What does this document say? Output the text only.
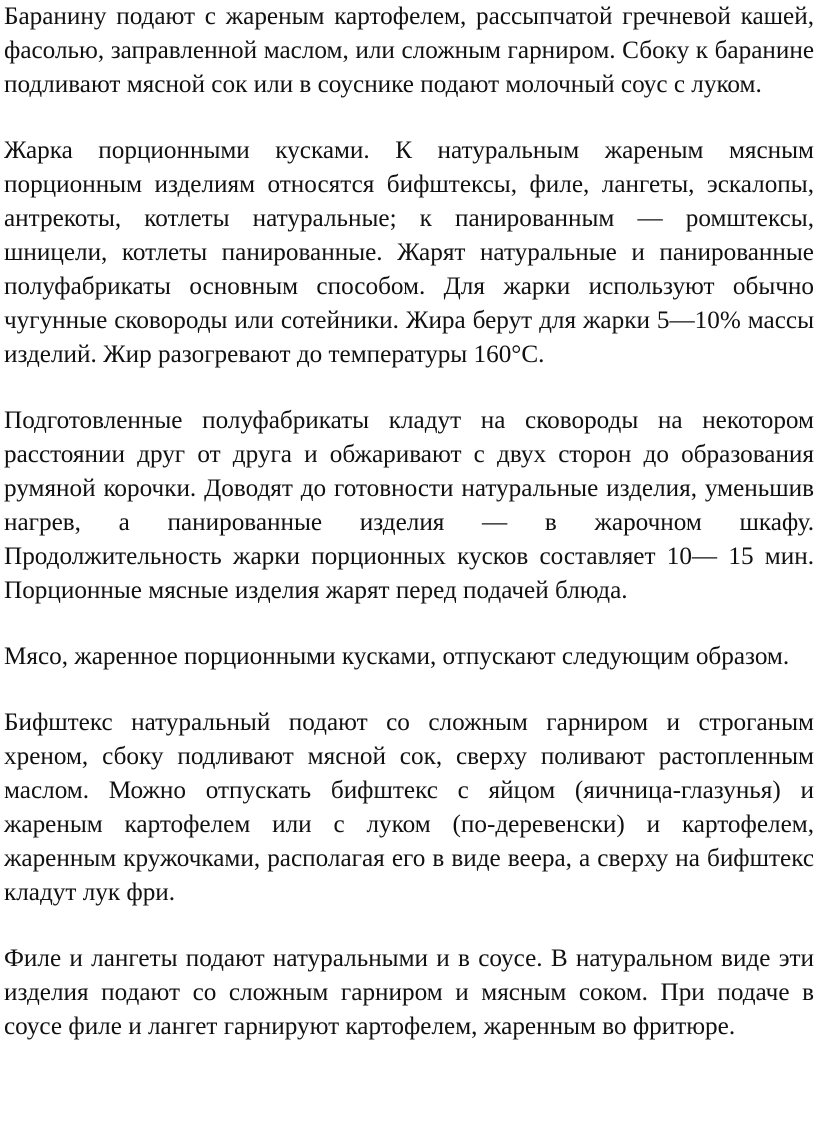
Баранину подают с жареным картофелем, рассыпчатой гречневой кашей, фасолью, заправленной маслом, или сложным гарниром. Сбоку к баранине подливают мясной сок или в соуснике подают молочный соус с луком.

Жарка порционными кусками. К натуральным жареным мясным порционным изделиям относятся бифштексы, филе, лангеты, эскалопы, антрекоты, котлеты натуральные; к панированным — ромштексы, шницели, котлеты панированные. Жарят натуральные и панированные полуфабрикаты основным способом. Для жарки используют обычно чугунные сковороды или сотейники. Жира берут для жарки 5—10% массы изделий. Жир разогревают до температуры 160°С.

Подготовленные полуфабрикаты кладут на сковороды на некотором расстоянии друг от друга и обжаривают с двух сторон до образования румяной корочки. Доводят до готовности натуральные изделия, уменьшив нагрев, а панированные изделия — в жарочном шкафу. Продолжительность жарки порционных кусков составляет 10— 15 мин. Порционные мясные изделия жарят перед подачей блюда.

Мясо, жаренное порционными кусками, отпускают следующим образом.

Бифштекс натуральный подают со сложным гарниром и строганым хреном, сбоку подливают мясной сок, сверху поливают растопленным маслом. Можно отпускать бифштекс с яйцом (яичница-глазунья) и жареным картофелем или с луком (по-деревенски) и картофелем, жаренным кружочками, располагая его в виде веера, а сверху на бифштекс кладут лук фри.

Филе и лангеты подают натуральными и в соусе. В натуральном виде эти изделия подают со сложным гарниром и мясным соком. При подаче в соусе филе и лангет гарнируют картофелем, жаренным во фритюре.
